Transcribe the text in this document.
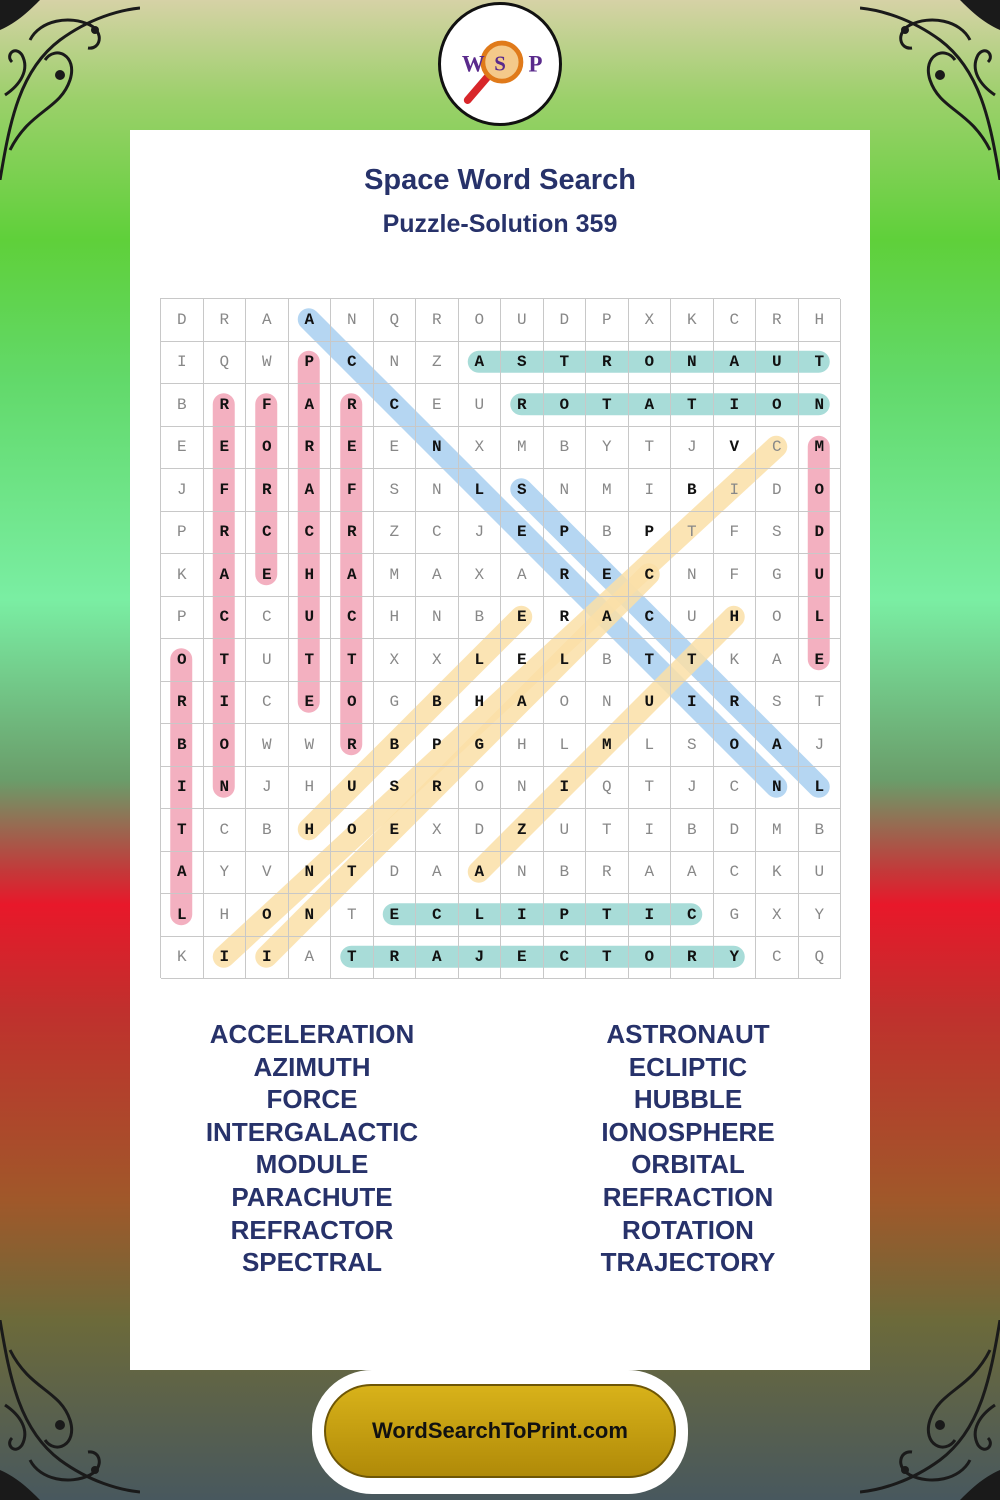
W S P
Space Word Search
Puzzle-Solution 359
D	R	A	A	N	Q	R	O	U	D	P	X	K	C	R	H
I	Q	W	P	C	N	Z	A	S	T	R	O	N	A	U	T
B	R	F	A	R	C	E	U	R	O	T	A	T	I	O	N
E	E	O	R	E	E	N	X	M	B	Y	T	J	V	C	M
J	F	R	A	F	S	N	L	S	N	M	I	B	I	D	O
P	R	C	C	R	Z	C	J	E	P	B	P	T	F	S	D
K	A	E	H	A	M	A	X	A	R	E	C	N	F	G	U
P	C	C	U	C	H	N	B	E	R	A	C	U	H	O	L
O	T	U	T	T	X	X	L	E	L	B	T	T	K	A	E
R	I	C	E	O	G	B	H	A	O	N	U	I	R	S	T
B	O	W	W	R	B	P	G	H	L	M	L	S	O	A	J
I	N	J	H	U	S	R	O	N	I	Q	T	J	C	N	L
T	C	B	H	O	E	X	D	Z	U	T	I	B	D	M	B
A	Y	V	N	T	D	A	A	N	B	R	A	A	C	K	U
L	H	O	N	T	E	C	L	I	P	T	I	C	G	X	Y
K	I	I	A	T	R	A	J	E	C	T	O	R	Y	C	Q
ACCELERATION
AZIMUTH
FORCE
INTERGALACTIC
MODULE
PARACHUTE
REFRACTOR
SPECTRAL
ASTRONAUT
ECLIPTIC
HUBBLE
IONOSPHERE
ORBITAL
REFRACTION
ROTATION
TRAJECTORY
WordSearchToPrint.com
